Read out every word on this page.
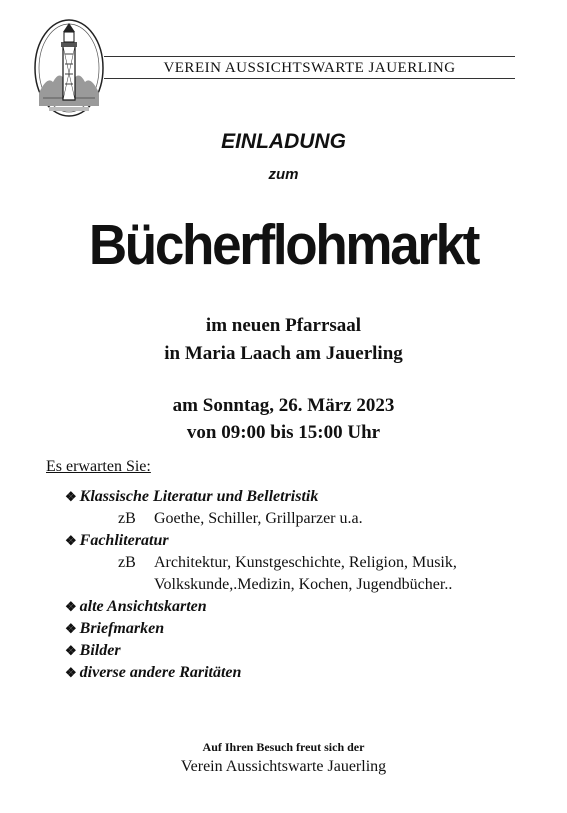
VEREIN AUSSICHTSWARTE JAUERLING
EINLADUNG
zum
Bücherflohmarkt
im neuen Pfarrsaal
in Maria Laach am Jauerling
am Sonntag, 26. März 2023
von 09:00 bis 15:00 Uhr
Es erwarten Sie:
❖ Klassische Literatur und Belletristik
zB	Goethe, Schiller, Grillparzer u.a.
❖ Fachliteratur
zB	Architektur, Kunstgeschichte, Religion, Musik,
Volkskunde,.Medizin, Kochen, Jugendbücher..
❖ alte Ansichtskarten
❖ Briefmarken
❖ Bilder
❖ diverse andere Raritäten
Auf Ihren Besuch freut sich der
Verein Aussichtswarte Jauerling
